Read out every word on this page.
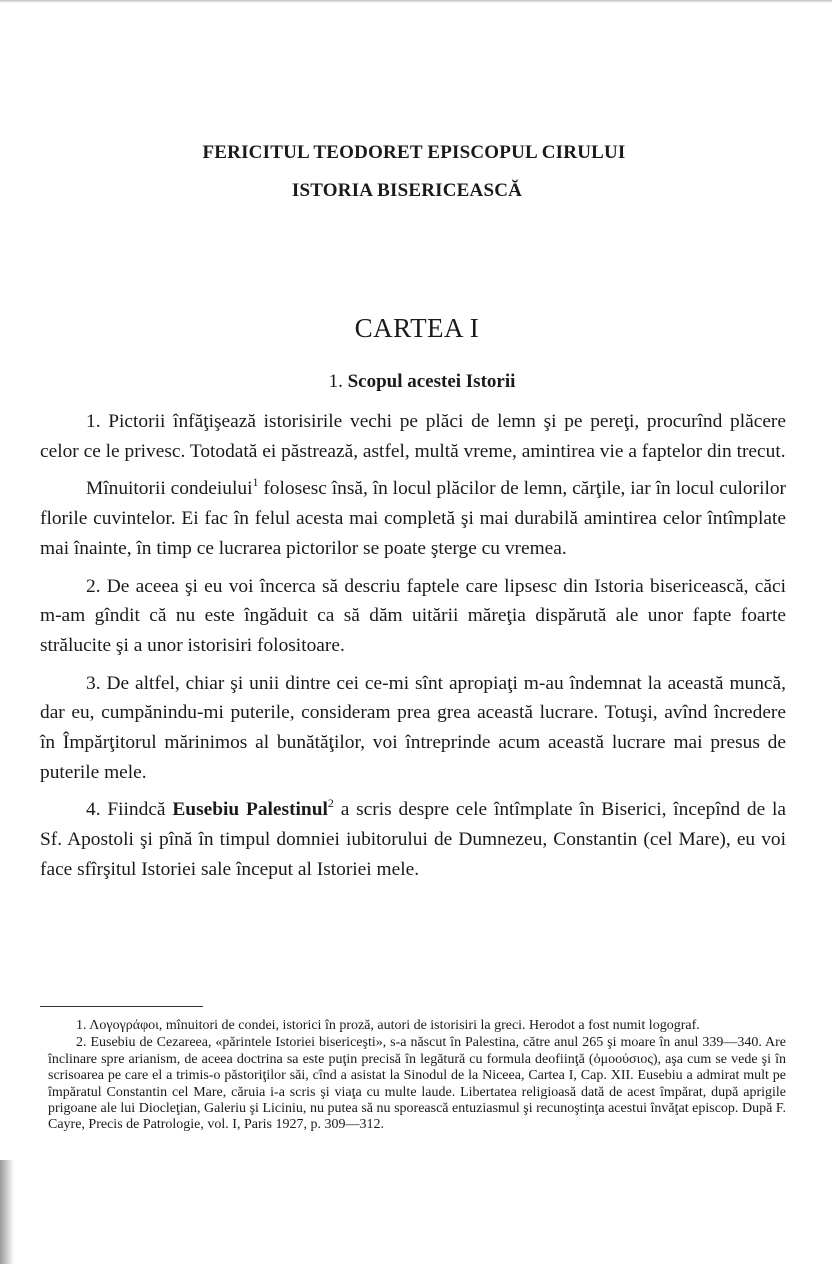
FERICITUL TEODORET EPISCOPUL CIRULUI
ISTORIA BISERICEASCĂ
CARTEA I
1. Scopul acestei Istorii

1. Pictorii înfăţişează istorisirile vechi pe plăci de lemn şi pe pereţi, procurînd plăcere celor ce le privesc. Totodată ei păstrează, astfel, multă vreme, amintirea vie a faptelor din trecut.

Mînuitorii condeiului$^1$ folosesc însă, în locul plăcilor de lemn, cărţile, iar în locul culorilor florile cuvintelor. Ei fac în felul acesta mai completă şi mai durabilă amintirea celor întîmplate mai înainte, în timp ce lucrarea pictorilor se poate şterge cu vremea.

2. De aceea şi eu voi încerca să descriu faptele care lipsesc din Istoria bisericească, căci m-am gîndit că nu este îngăduit ca să dăm uitării măreţia dispărută ale unor fapte foarte strălucite şi a unor istorisiri folositoare.

3. De altfel, chiar şi unii dintre cei ce-mi sînt apropiaţi m-au îndemnat la această muncă, dar eu, cumpănindu-mi puterile, consideram prea grea această lucrare. Totuşi, avînd încredere în Împărţitorul mărinimos al bunătăţilor, voi întreprinde acum această lucrare mai presus de puterile mele.

4. Fiindcă Eusebiu Palestinul$^2$ a scris despre cele întîmplate în Biserici, începînd de la Sf. Apostoli şi pînă în timpul domniei iubitorului de Dumnezeu, Constantin (cel Mare), eu voi face sfîrşitul Istoriei sale început al Istoriei mele.

1. Λογογράφοι, mînuitori de condei, istorici în proză, autori de istorisiri la greci. Herodot a fost numit logograf.

2. Eusebiu de Cezareea, «părintele Istoriei bisericeşti», s-a născut în Palestina, către anul 265 şi moare în anul 339—340. Are înclinare spre arianism, de aceea doctrina sa este puţin precisă în legătură cu formula deofiinţă (ὁμοούσιος), aşa cum se vede şi în scrisoarea pe care el a trimis-o păstoriţilor săi, cînd a asistat la Sinodul de la Niceea, Cartea I, Cap. XII. Eusebiu a admirat mult pe împăratul Constantin cel Mare, căruia i-a scris şi viaţa cu multe laude. Libertatea religioasă dată de acest împărat, după aprigile prigoane ale lui Diocleţian, Galeriu şi Liciniu, nu putea să nu sporească entuziasmul şi recunoştinţa acestui învăţat episcop. După F. Cayre, Precis de Patrologie, vol. I, Paris 1927, p. 309—312.
